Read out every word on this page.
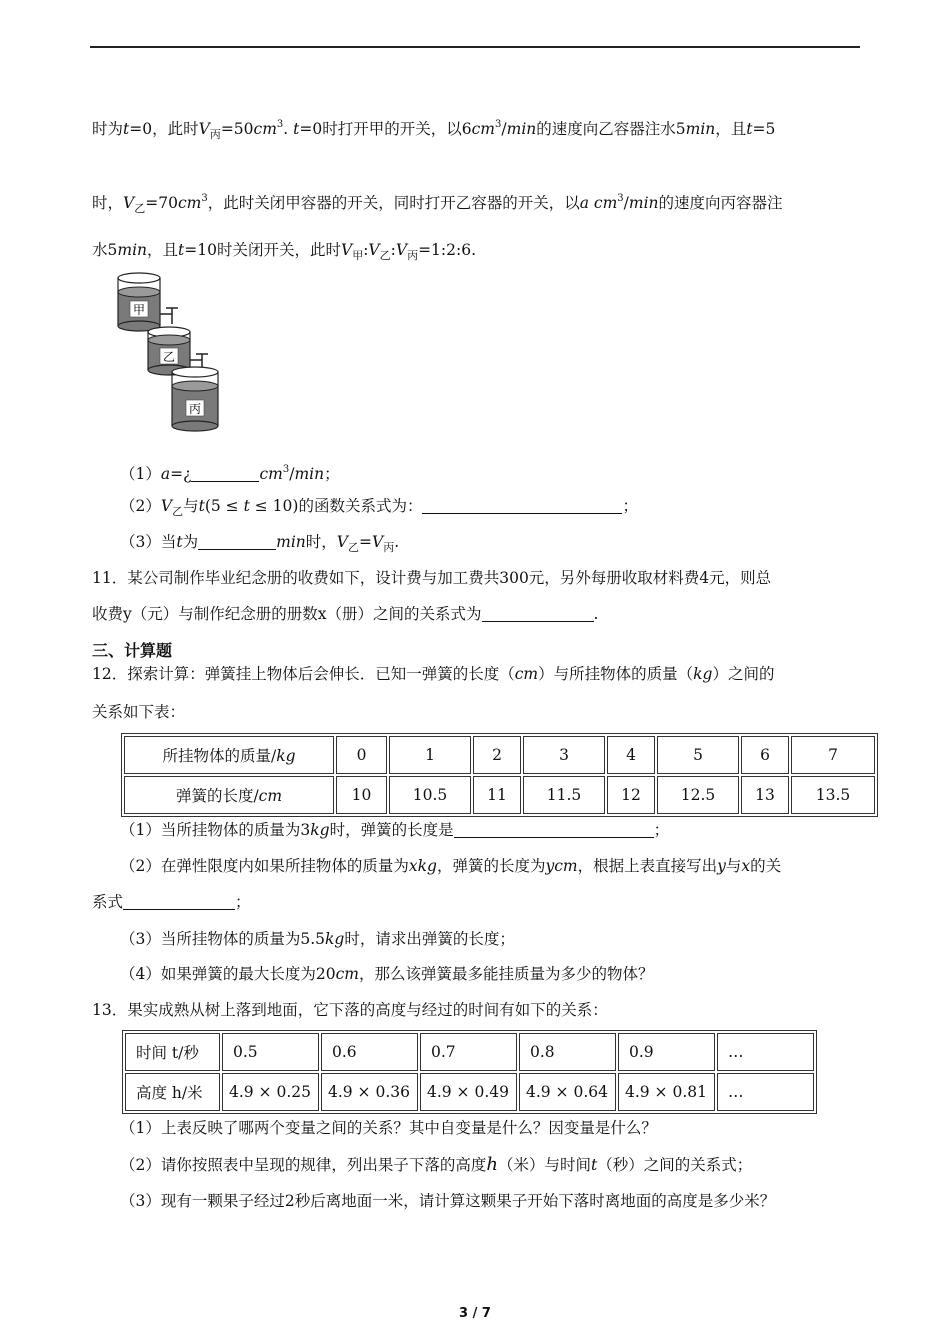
时为t=0，此时$V_丙=50cm^3$. t=0时打开甲的开关，以$6cm^3/\min$的速度向乙容器注水5min，且t=5
时，$V_乙=70cm^3$，此时关闭甲容器的开关，同时打开乙容器的开关，以a $cm^3/\min$的速度向丙容器注
水5min，且t=10时关闭开关，此时$V_甲:V_乙:V_丙=1:2:6$.
甲
乙
丙
（1）a=¿	$cm^3/\min$；
$(2)V_乙$与t(5 ≤ t ≤ 10)的函数关系式为：	；
（3）当t为	min时，$V_乙=V_丙$.
11．某公司制作毕业纪念册的收费如下，设计费与加工费共300元，另外每册收取材料费4元，则总
收费y（元）与制作纪念册的册数x（册）之间的关系式为	.
三、计算题
12．探索计算：弹簧挂上物体后会伸长．已知一弹簧的长度（cm）与所挂物体的质量（kg）之间的
关系如下表：
所挂物体的质量/kg	0	1	2	3	4	5	6	7
弹簧的长度/cm	10	10.5	11	11.5	12	12.5	13	13.5
（1）当所挂物体的质量为3kg时，弹簧的长度是	；
（2）在弹性限度内如果所挂物体的质量为xkg，弹簧的长度为ycm，根据上表直接写出y与x的关
系式	；
（3）当所挂物体的质量为5.5kg时，请求出弹簧的长度；
（4）如果弹簧的最大长度为20cm，那么该弹簧最多能挂质量为多少的物体？
13．果实成熟从树上落到地面，它下落的高度与经过的时间有如下的关系：
时间 t/秒	0.5	0.6	0.7	0.8	0.9	…
高度 h/米	4.9 × 0.25	4.9 × 0.36	4.9 × 0.49	4.9 × 0.64	4.9 × 0.81	…
（1）上表反映了哪两个变量之间的关系？其中自变量是什么？因变量是什么？
（2）请你按照表中呈现的规律，列出果子下落的高度h（米）与时间t（秒）之间的关系式；
（3）现有一颗果子经过2秒后离地面一米，请计算这颗果子开始下落时离地面的高度是多少米？
3 / 7
